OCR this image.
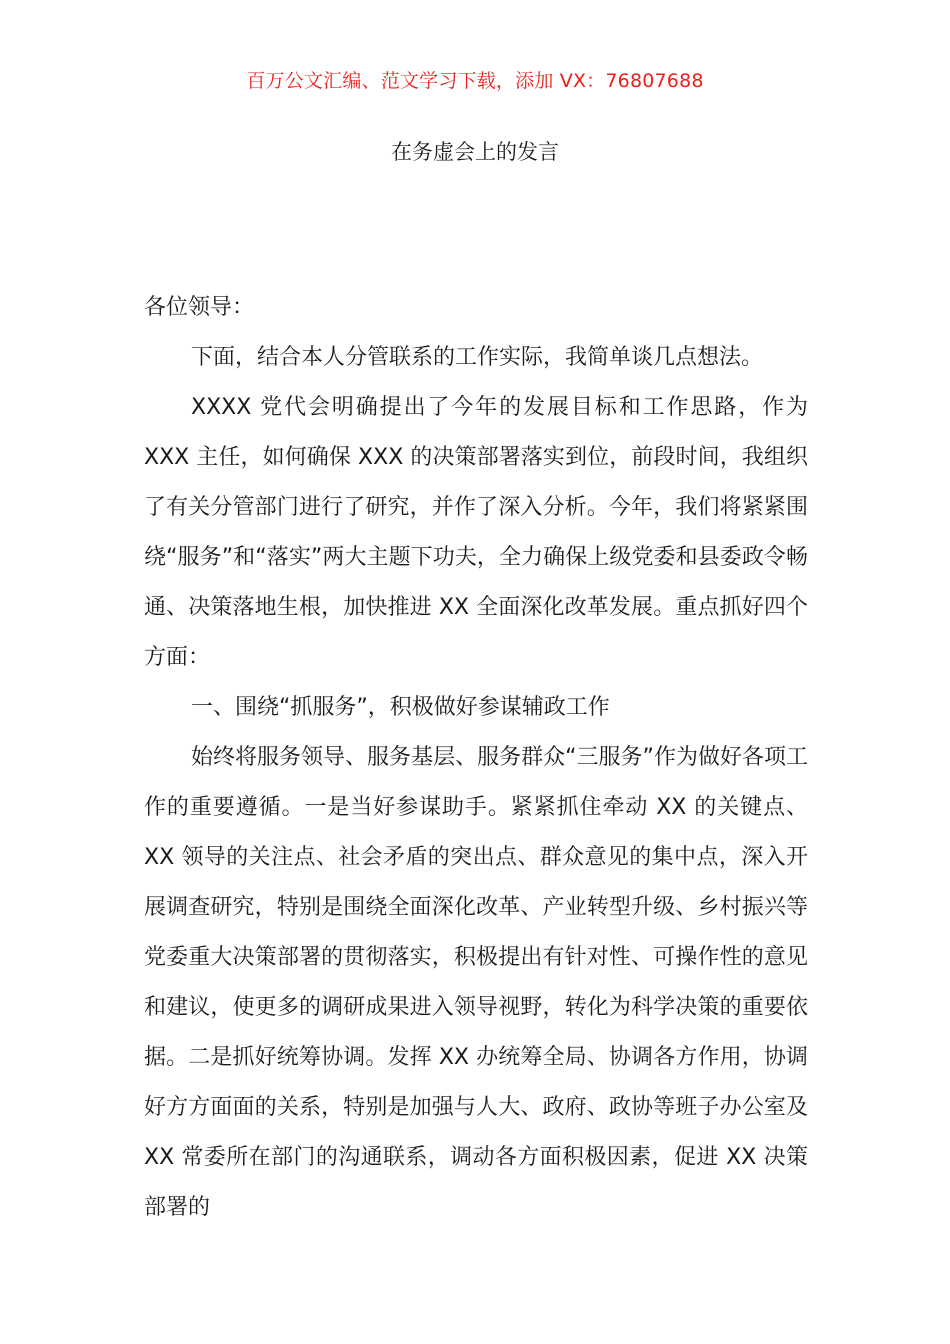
百万公文汇编、范文学习下载，添加 VX：76807688
在务虚会上的发言

各位领导：

下面，结合本人分管联系的工作实际，我简单谈几点想法。

XXXX 党代会明确提出了今年的发展目标和工作思路，作为 XXX 主任，如何确保 XXX 的决策部署落实到位，前段时间，我组织了有关分管部门进行了研究，并作了深入分析。今年，我们将紧紧围绕“服务”和“落实”两大主题下功夫，全力确保上级党委和县委政令畅通、决策落地生根，加快推进 XX 全面深化改革发展。重点抓好四个方面：

一、围绕“抓服务”，积极做好参谋辅政工作

始终将服务领导、服务基层、服务群众“三服务”作为做好各项工作的重要遵循。一是当好参谋助手。紧紧抓住牵动 XX 的关键点、XX 领导的关注点、社会矛盾的突出点、群众意见的集中点，深入开展调查研究，特别是围绕全面深化改革、产业转型升级、乡村振兴等党委重大决策部署的贯彻落实，积极提出有针对性、可操作性的意见和建议，使更多的调研成果进入领导视野，转化为科学决策的重要依据。二是抓好统筹协调。发挥 XX 办统筹全局、协调各方作用，协调好方方面面的关系，特别是加强与人大、政府、政协等班子办公室及 XX 常委所在部门的沟通联系，调动各方面积极因素，促进 XX 决策部署的
